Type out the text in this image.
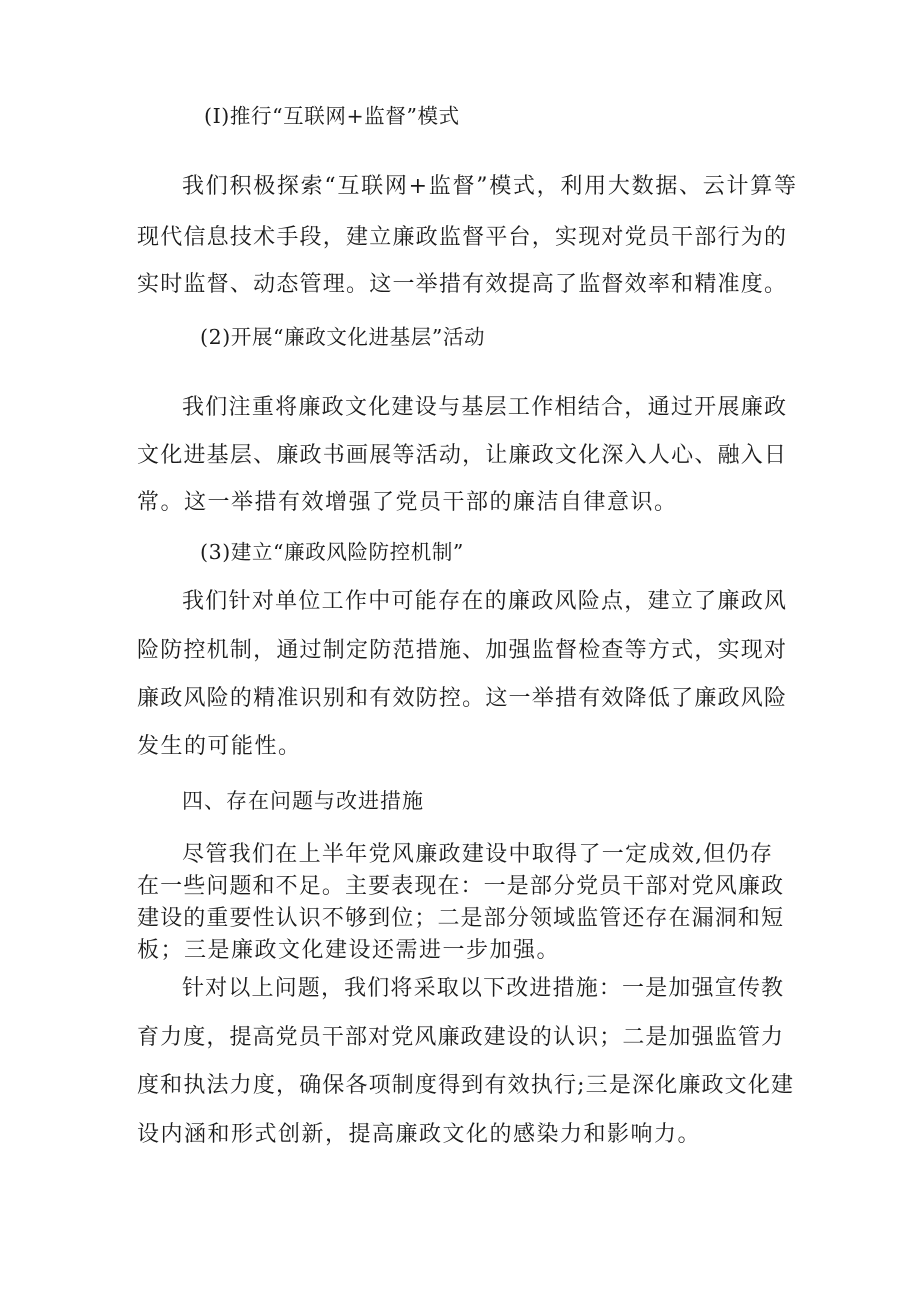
(I)推行“互联网+监督”模式
我们积极探索“互联网+监督”模式，利用大数据、云计算等
现代信息技术手段，建立廉政监督平台，实现对党员干部行为的
实时监督、动态管理。这一举措有效提高了监督效率和精准度。
(2)开展“廉政文化进基层”活动
我们注重将廉政文化建设与基层工作相结合，通过开展廉政
文化进基层、廉政书画展等活动，让廉政文化深入人心、融入日
常。这一举措有效增强了党员干部的廉洁自律意识。
(3)建立“廉政风险防控机制”
我们针对单位工作中可能存在的廉政风险点，建立了廉政风
险防控机制，通过制定防范措施、加强监督检查等方式，实现对
廉政风险的精准识别和有效防控。这一举措有效降低了廉政风险
发生的可能性。
四、存在问题与改进措施
尽管我们在上半年党风廉政建设中取得了一定成效,但仍存
在一些问题和不足。主要表现在：一是部分党员干部对党风廉政
建设的重要性认识不够到位；二是部分领域监管还存在漏洞和短
板；三是廉政文化建设还需进一步加强。
针对以上问题，我们将采取以下改进措施：一是加强宣传教
育力度，提高党员干部对党风廉政建设的认识；二是加强监管力
度和执法力度，确保各项制度得到有效执行;三是深化廉政文化建
设内涵和形式创新，提高廉政文化的感染力和影响力。
